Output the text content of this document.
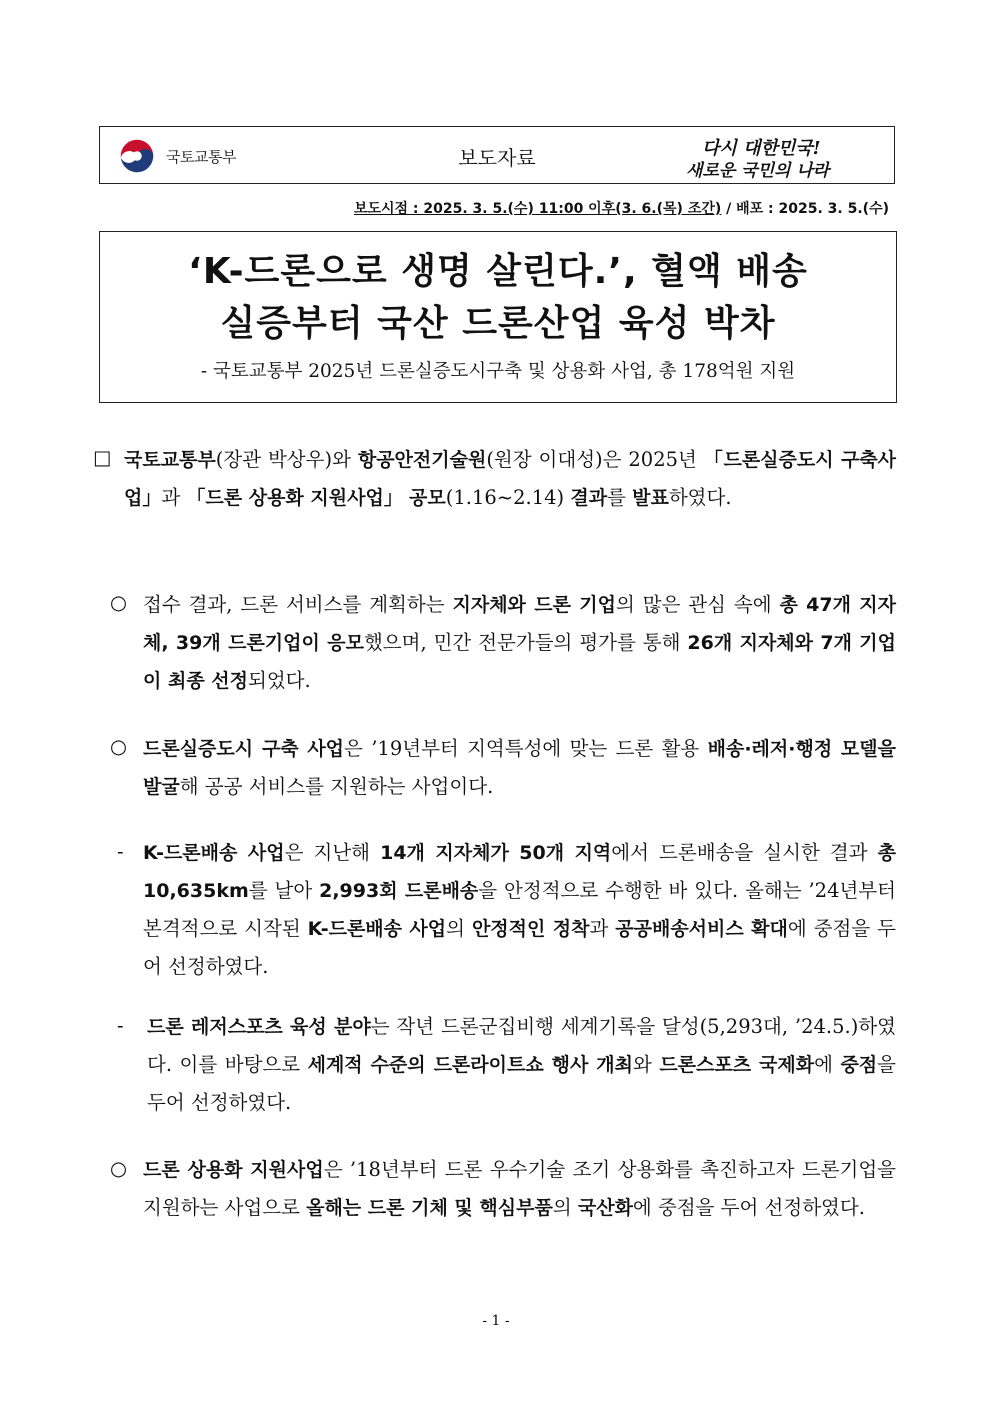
국토교통부	보도자료	다시 대한민국!
새로운 국민의 나라
보도시점 : 2025. 3. 5.(수) 11:00 이후(3. 6.(목) 조간) / 배포 : 2025. 3. 5.(수)
‘K-드론으로 생명 살린다.’, 혈액 배송
실증부터 국산 드론산업 육성 박차
- 국토교통부 2025년 드론실증도시구축 및 상용화 사업, 총 178억원 지원
□ 국토교통부(장관 박상우)와 항공안전기술원(원장 이대성)은 2025년 「드론실증도시 구축사업」과 「드론 상용화 지원사업」 공모(1.16~2.14) 결과를 발표하였다.
○ 접수 결과, 드론 서비스를 계획하는 지자체와 드론 기업의 많은 관심 속에 총 47개 지자체, 39개 드론기업이 응모했으며, 민간 전문가들의 평가를 통해 26개 지자체와 7개 기업이 최종 선정되었다.
○ 드론실증도시 구축 사업은 ’19년부터 지역특성에 맞는 드론 활용 배송·레저·행정 모델을 발굴해 공공 서비스를 지원하는 사업이다.
- K-드론배송 사업은 지난해 14개 지자체가 50개 지역에서 드론배송을 실시한 결과 총 10,635km를 날아 2,993회 드론배송을 안정적으로 수행한 바 있다. 올해는 ’24년부터 본격적으로 시작된 K-드론배송 사업의 안정적인 정착과 공공배송서비스 확대에 중점을 두어 선정하였다.
- 드론 레저스포츠 육성 분야는 작년 드론군집비행 세계기록을 달성(5,293대, ’24.5.)하였다. 이를 바탕으로 세계적 수준의 드론라이트쇼 행사 개최와 드론스포츠 국제화에 중점을 두어 선정하였다.
○ 드론 상용화 지원사업은 ’18년부터 드론 우수기술 조기 상용화를 촉진하고자 드론기업을 지원하는 사업으로 올해는 드론 기체 및 핵심부품의 국산화에 중점을 두어 선정하였다.
- 1 -
